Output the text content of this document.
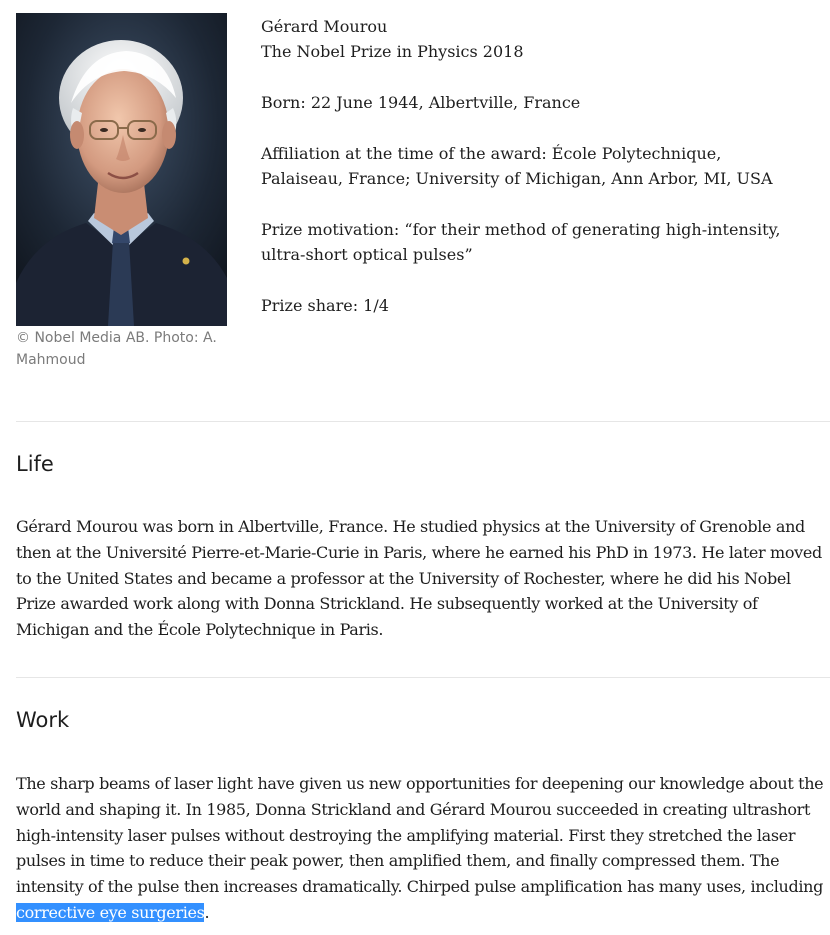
© Nobel Media AB. Photo: A. Mahmoud

Gérard Mourou

The Nobel Prize in Physics 2018

Born: 22 June 1944, Albertville, France

Affiliation at the time of the award: École Polytechnique, Palaiseau, France; University of Michigan, Ann Arbor, MI, USA

Prize motivation: “for their method of generating high-intensity, ultra-short optical pulses”

Prize share: 1/4

Life

Gérard Mourou was born in Albertville, France. He studied physics at the University of Grenoble and then at the Université Pierre-et-Marie-Curie in Paris, where he earned his PhD in 1973. He later moved to the United States and became a professor at the University of Rochester, where he did his Nobel Prize awarded work along with Donna Strickland. He subsequently worked at the University of Michigan and the École Polytechnique in Paris.

Work

The sharp beams of laser light have given us new opportunities for deepening our knowledge about the world and shaping it. In 1985, Donna Strickland and Gérard Mourou succeeded in creating ultrashort high-intensity laser pulses without destroying the amplifying material. First they stretched the laser pulses in time to reduce their peak power, then amplified them, and finally compressed them. The intensity of the pulse then increases dramatically. Chirped pulse amplification has many uses, including corrective eye surgeries.
